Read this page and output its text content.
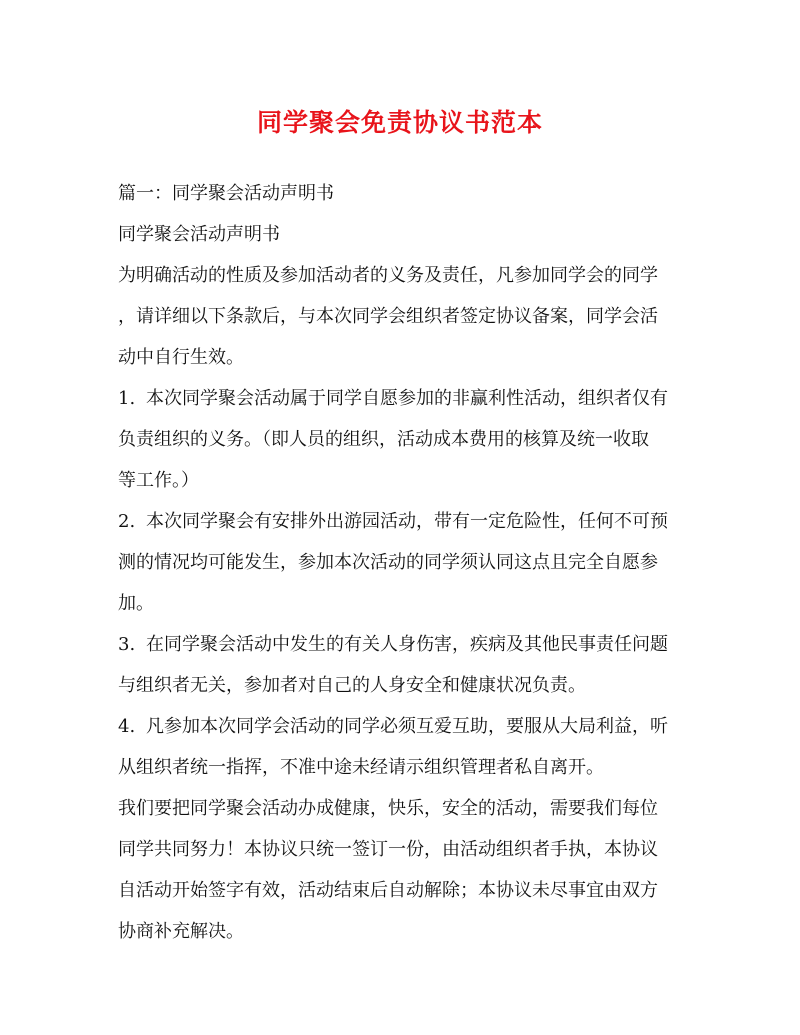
同学聚会免责协议书范本
篇一：同学聚会活动声明书
同学聚会活动声明书
为明确活动的性质及参加活动者的义务及责任，凡参加同学会的同学
，请详细以下条款后，与本次同学会组织者签定协议备案，同学会活
动中自行生效。
1. 本次同学聚会活动属于同学自愿参加的非赢利性活动，组织者仅有
负责组织的义务。（即人员的组织，活动成本费用的核算及统一收取
等工作。）
2. 本次同学聚会有安排外出游园活动，带有一定危险性，任何不可预
测的情况均可能发生，参加本次活动的同学须认同这点且完全自愿参
加。
3. 在同学聚会活动中发生的有关人身伤害，疾病及其他民事责任问题
与组织者无关，参加者对自己的人身安全和健康状况负责。
4. 凡参加本次同学会活动的同学必须互爱互助，要服从大局利益，听
从组织者统一指挥，不准中途未经请示组织管理者私自离开。
我们要把同学聚会活动办成健康，快乐，安全的活动，需要我们每位
同学共同努力！本协议只统一签订一份，由活动组织者手执，本协议
自活动开始签字有效，活动结束后自动解除；本协议未尽事宜由双方
协商补充解决。
